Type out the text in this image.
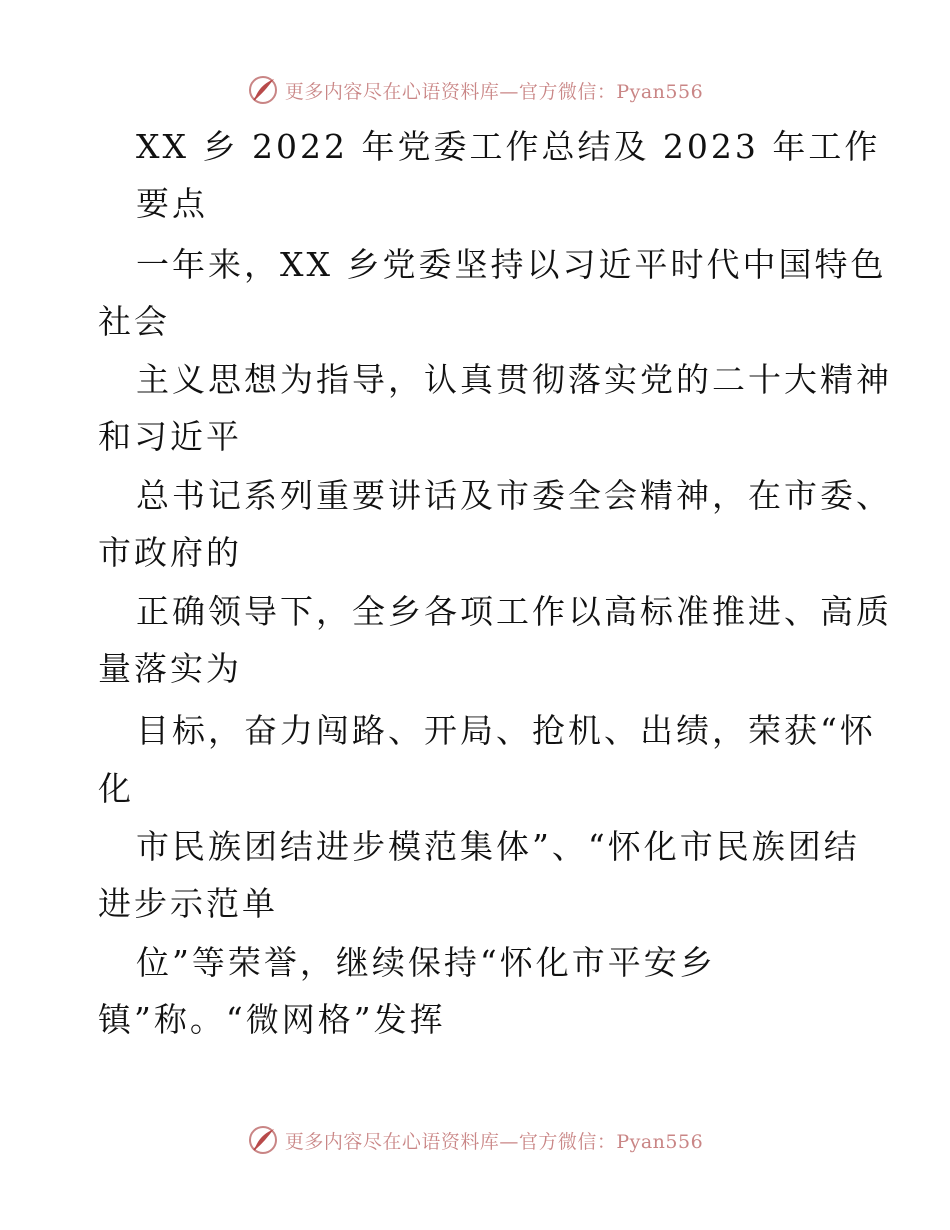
更多内容尽在心语资料库—官方微信：Pyan556
XX 乡 2022 年党委工作总结及 2023 年工作
要点
一年来，XX 乡党委坚持以习近平时代中国特色
社会
主义思想为指导，认真贯彻落实党的二十大精神
和习近平
总书记系列重要讲话及市委全会精神，在市委、
市政府的
正确领导下，全乡各项工作以高标准推进、高质
量落实为
目标，奋力闯路、开局、抢机、出绩，荣获“怀
化
市民族团结进步模范集体”、“怀化市民族团结
进步示范单
位”等荣誉，继续保持“怀化市平安乡
镇”称。“微网格”发挥
更多内容尽在心语资料库—官方微信：Pyan556
